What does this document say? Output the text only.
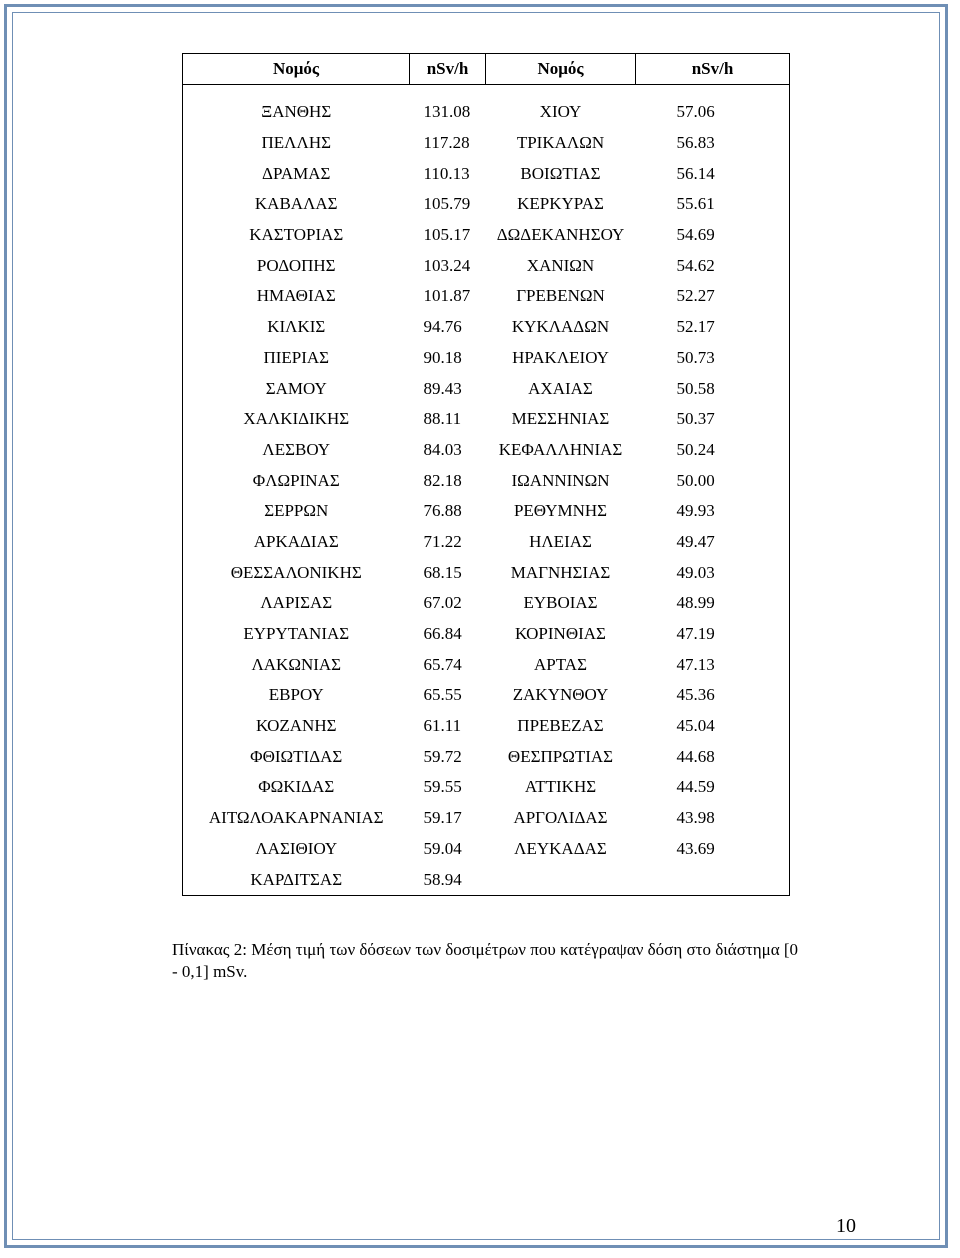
Νομός	nSv/h	Νομός	nSv/h

ΞΑΝΘΗΣ	131.08	ΧΙΟΥ	57.06
ΠΕΛΛΗΣ	117.28	ΤΡΙΚΑΛΩΝ	56.83
ΔΡΑΜΑΣ	110.13	ΒΟΙΩΤΙΑΣ	56.14
ΚΑΒΑΛΑΣ	105.79	ΚΕΡΚΥΡΑΣ	55.61
ΚΑΣΤΟΡΙΑΣ	105.17	ΔΩΔΕΚΑΝΗΣΟΥ	54.69
ΡΟΔΟΠΗΣ	103.24	ΧΑΝΙΩΝ	54.62
ΗΜΑΘΙΑΣ	101.87	ΓΡΕΒΕΝΩΝ	52.27
ΚΙΛΚΙΣ	94.76	ΚΥΚΛΑΔΩΝ	52.17
ΠΙΕΡΙΑΣ	90.18	ΗΡΑΚΛΕΙΟΥ	50.73
ΣΑΜΟΥ	89.43	ΑΧΑΙΑΣ	50.58
ΧΑΛΚΙΔΙΚΗΣ	88.11	ΜΕΣΣΗΝΙΑΣ	50.37
ΛΕΣΒΟΥ	84.03	ΚΕΦΑΛΛΗΝΙΑΣ	50.24
ΦΛΩΡΙΝΑΣ	82.18	ΙΩΑΝΝΙΝΩΝ	50.00
ΣΕΡΡΩΝ	76.88	ΡΕΘΥΜΝΗΣ	49.93
ΑΡΚΑΔΙΑΣ	71.22	ΗΛΕΙΑΣ	49.47
ΘΕΣΣΑΛΟΝΙΚΗΣ	68.15	ΜΑΓΝΗΣΙΑΣ	49.03
ΛΑΡΙΣΑΣ	67.02	ΕΥΒΟΙΑΣ	48.99
ΕΥΡΥΤΑΝΙΑΣ	66.84	ΚΟΡΙΝΘΙΑΣ	47.19
ΛΑΚΩΝΙΑΣ	65.74	ΑΡΤΑΣ	47.13
ΕΒΡΟΥ	65.55	ΖΑΚΥΝΘΟΥ	45.36
ΚΟΖΑΝΗΣ	61.11	ΠΡΕΒΕΖΑΣ	45.04
ΦΘΙΩΤΙΔΑΣ	59.72	ΘΕΣΠΡΩΤΙΑΣ	44.68
ΦΩΚΙΔΑΣ	59.55	ΑΤΤΙΚΗΣ	44.59
ΑΙΤΩΛΟΑΚΑΡΝΑΝΙΑΣ	59.17	ΑΡΓΟΛΙΔΑΣ	43.98
ΛΑΣΙΘΙΟΥ	59.04	ΛΕΥΚΑΔΑΣ	43.69
ΚΑΡΔΙΤΣΑΣ	58.94		
Πίνακας 2: Μέση τιμή των δόσεων των δοσιμέτρων που κατέγραψαν δόση στο διάστημα [0 - 0,1] mSv.
10
